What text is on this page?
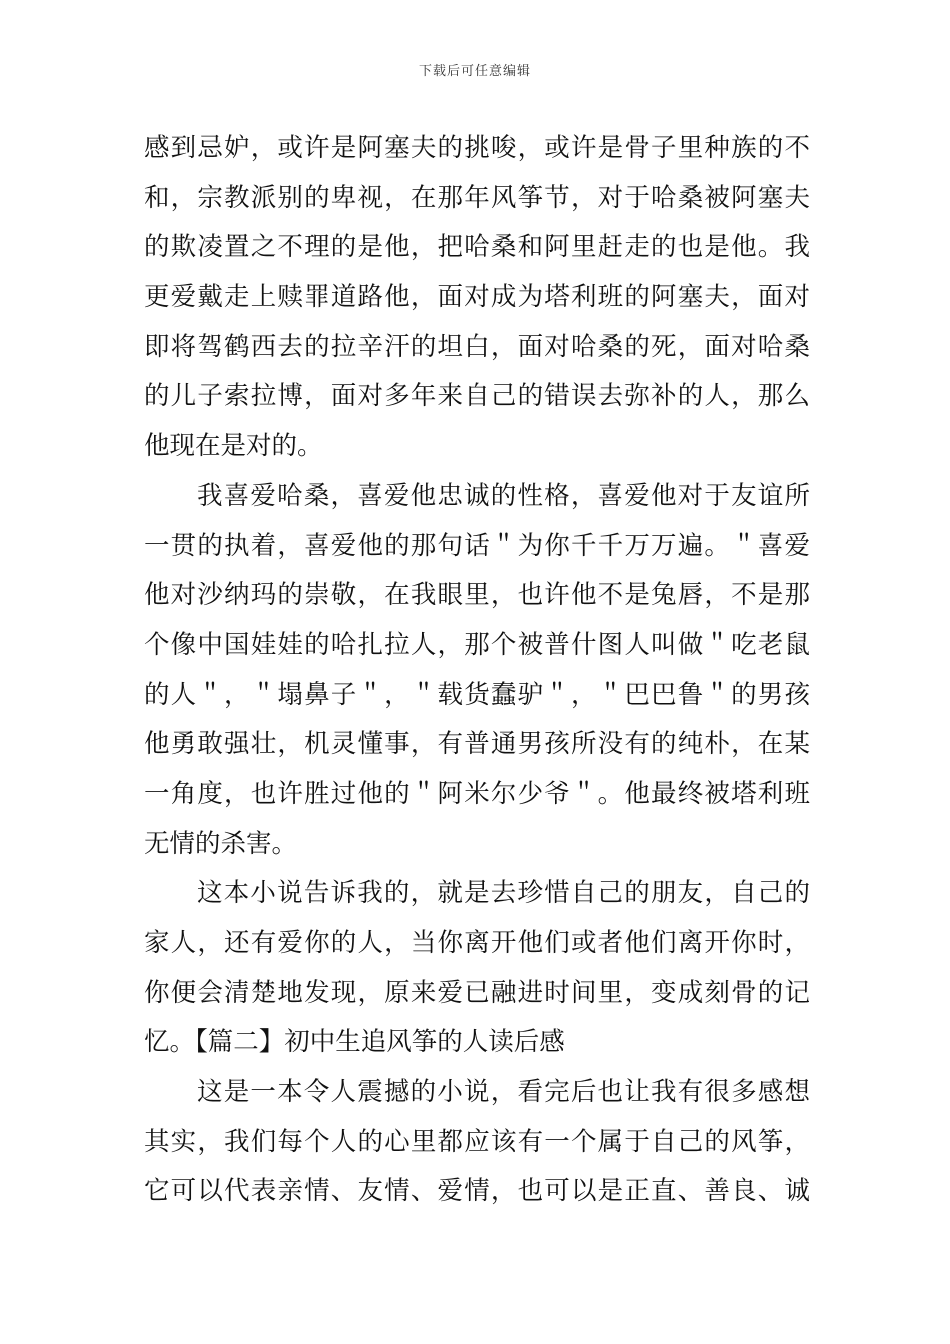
下载后可任意编辑
感到忌妒，或许是阿塞夫的挑唆，或许是骨子里种族的不
和，宗教派别的卑视，在那年风筝节，对于哈桑被阿塞夫
的欺凌置之不理的是他，把哈桑和阿里赶走的也是他。我
更爱戴走上赎罪道路他，面对成为塔利班的阿塞夫，面对
即将驾鹤西去的拉辛汗的坦白，面对哈桑的死，面对哈桑
的儿子索拉博，面对多年来自己的错误去弥补的人，那么
他现在是对的。
我喜爱哈桑，喜爱他忠诚的性格，喜爱他对于友谊所
一贯的执着，喜爱他的那句话＂为你千千万万遍。＂喜爱
他对沙纳玛的崇敬，在我眼里，也许他不是兔唇，不是那
个像中国娃娃的哈扎拉人，那个被普什图人叫做＂吃老鼠
的人＂，＂塌鼻子＂，＂载货蠢驴＂，＂巴巴鲁＂的男孩
他勇敢强壮，机灵懂事，有普通男孩所没有的纯朴，在某
一角度，也许胜过他的＂阿米尔少爷＂。他最终被塔利班
无情的杀害。
这本小说告诉我的，就是去珍惜自己的朋友，自己的
家人，还有爱你的人，当你离开他们或者他们离开你时，
你便会清楚地发现，原来爱已融进时间里，变成刻骨的记
忆。【篇二】初中生追风筝的人读后感
这是一本令人震撼的小说，看完后也让我有很多感想
其实，我们每个人的心里都应该有一个属于自己的风筝，
它可以代表亲情、友情、爱情，也可以是正直、善良、诚
